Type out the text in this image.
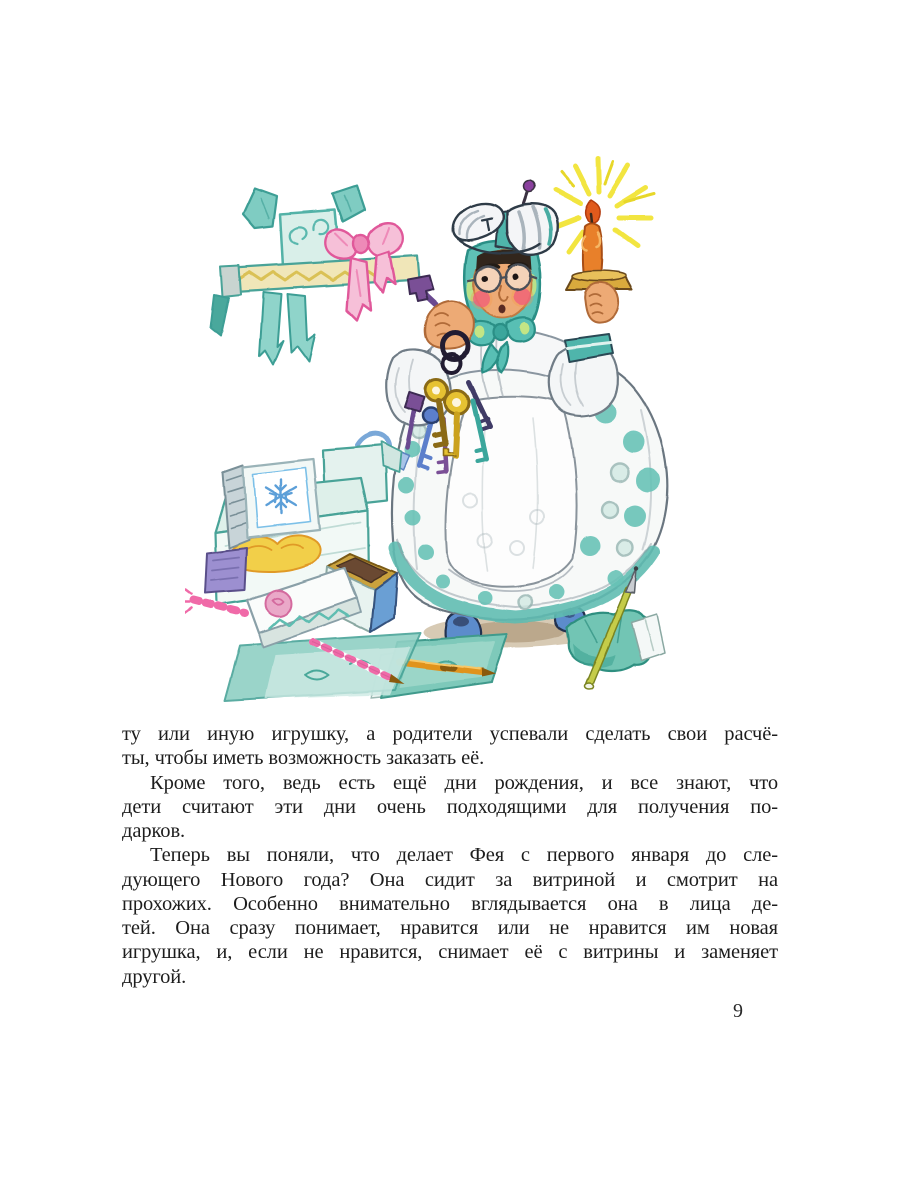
ту или иную игрушку, а родители успевали сделать свои расчё-
ты, чтобы иметь возможность заказать её.
Кроме того, ведь есть ещё дни рождения, и все знают, что
дети считают эти дни очень подходящими для получения по-
дарков.
Теперь вы поняли, что делает Фея с первого января до сле-
дующего Нового года? Она сидит за витриной и смотрит на
прохожих. Особенно внимательно вглядывается она в лица де-
тей. Она сразу понимает, нравится или не нравится им новая
игрушка, и, если не нравится, снимает её с витрины и заменяет
другой.
9
